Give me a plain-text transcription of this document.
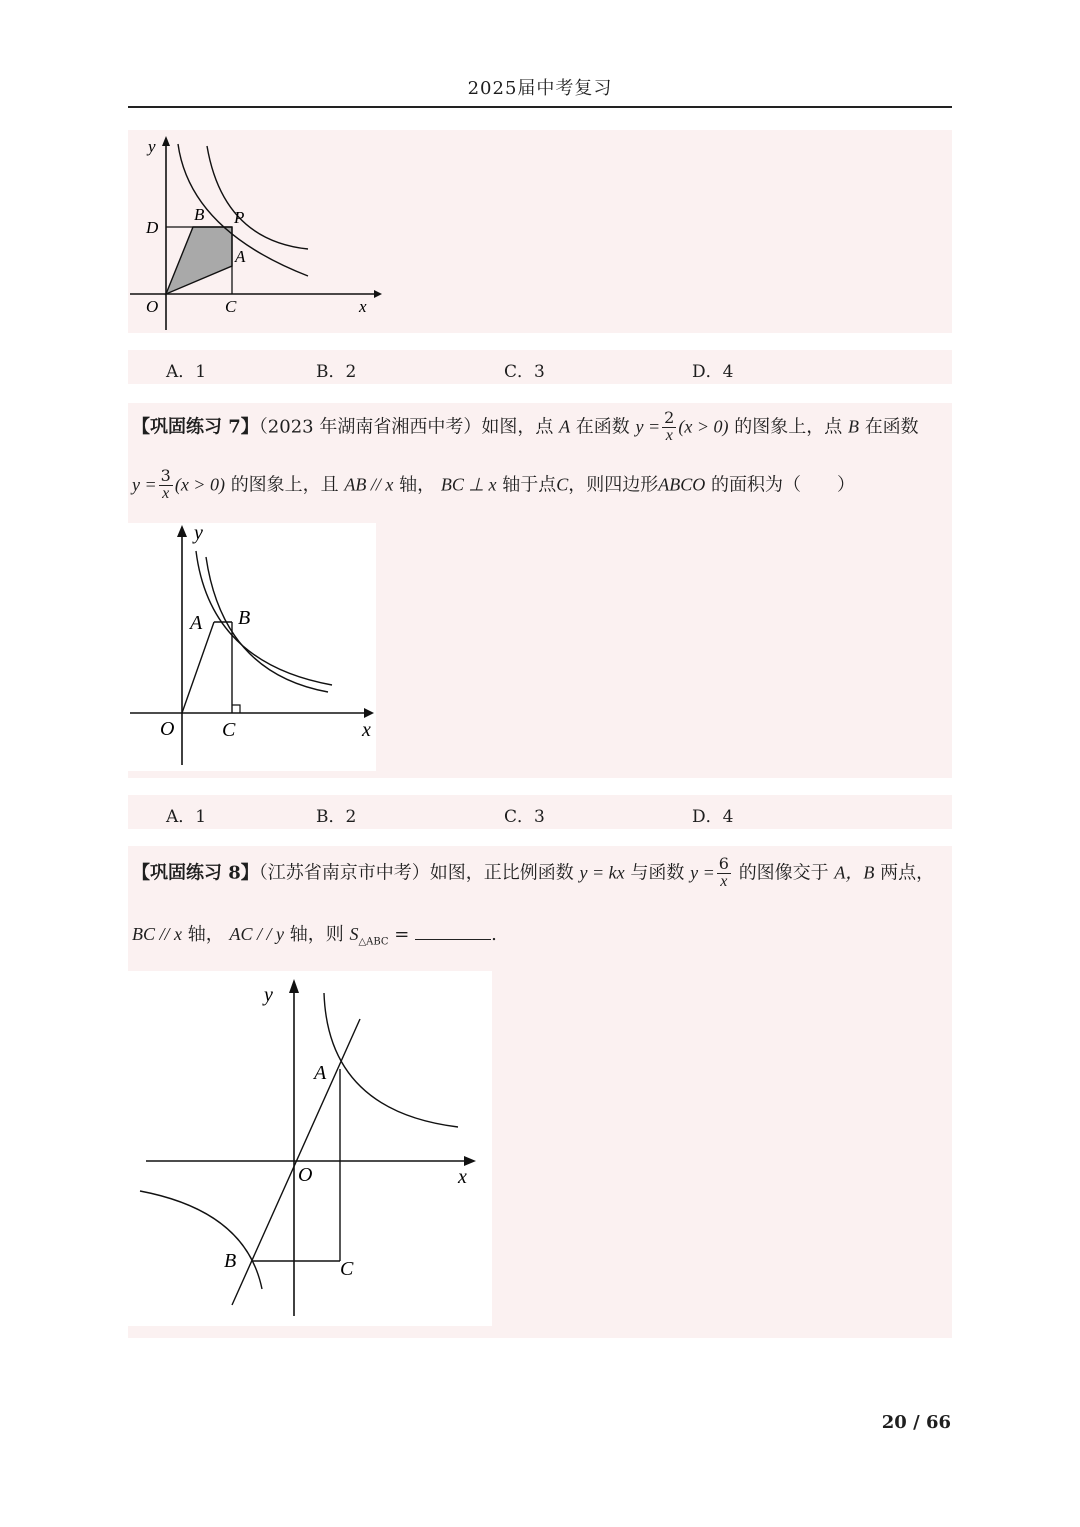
2025届中考复习
y
D
B P
A
O	C	x
A．1	B．2	C．3	D．4
y
A B
O C	x
【巩固练习 7】（2023 年湖南省湘西中考）如图，点 A 在函数 $y = \frac{2}{x} (x > 0)$ 的图象上，点 B 在函数
$y = \frac{3}{x} (x > 0)$ 的图象上，且 AB // x 轴， BC ⊥ x 轴于点C，则四边形ABCO 的面积为（　　）
A．1	B．2	C．3	D．4
y
A
O	x
B	C
【巩固练习 8】（江苏省南京市中考）如图，正比例函数 y = kx 与函数 $y = \frac{6}{x}$ 的图像交于 A，B 两点，
BC // x 轴， AC / / y 轴，则 $S_{\triangle ABC}$ =	.
20 / 66
